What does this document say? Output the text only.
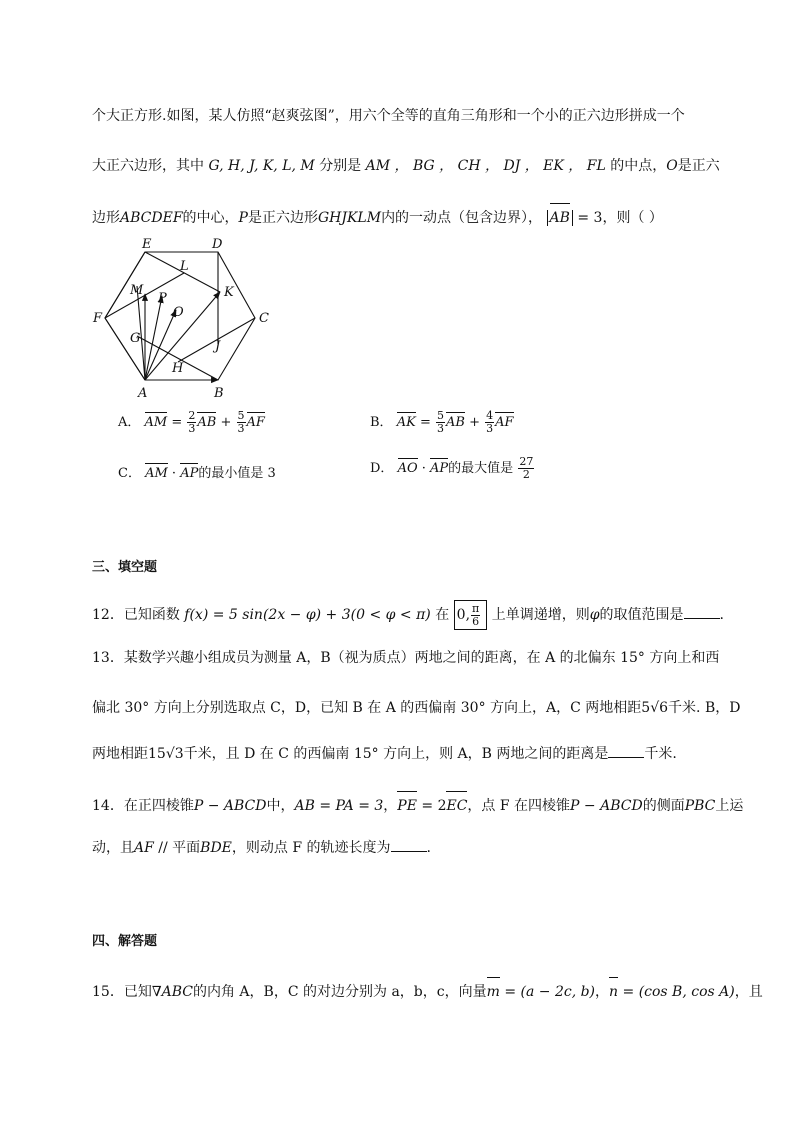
个大正方形.如图，某人仿照“赵爽弦图”，用六个全等的直角三角形和一个小的正六边形拼成一个
大正六边形，其中 G, H, J, K, L, M 分别是 AM ， BG ， CH ， DJ ， EK ， FL 的中点，O是正六
边形ABCDEF的中心，P是正六边形GHJKLM内的一动点（包含边界）， AB = 3，则（ ）
E	D
L
M
P
O
K
F	C
G
J
H
A	B
A． AM = $\frac{2}{3}$ AB + $\frac{5}{3}$ AF	B． AK = $\frac{5}{3}$ AB + $\frac{4}{3}$ AF
C． AM · AP的最小值是 3	D． AO · AP的最大值是 $\frac{27}{2}$
三、填空题
12．已知函数 f(x) = 5 sin(2x − φ) + 3(0 < φ < π) 在 0, $\frac{\pi}{6}$ 上单调递增，则φ的取值范围是	.
13．某数学兴趣小组成员为测量 A，B（视为质点）两地之间的距离，在 A 的北偏东 15° 方向上和西
偏北 30° 方向上分别选取点 C，D，已知 B 在 A 的西偏南 30° 方向上，A，C 两地相距5√6千米. B，D
两地相距15√3千米，且 D 在 C 的西偏南 15° 方向上，则 A，B 两地之间的距离是	千米.
14．在正四棱锥P − ABCD中，AB = PA = 3，PE = 2EC，点 F 在四棱锥P − ABCD的侧面PBC上运
动，且AF // 平面BDE，则动点 F 的轨迹长度为	.
四、解答题
15．已知∇ABC的内角 A，B，C 的对边分别为 a，b，c，向量m = (a − 2c, b)，n = (cos B, cos A)，且
